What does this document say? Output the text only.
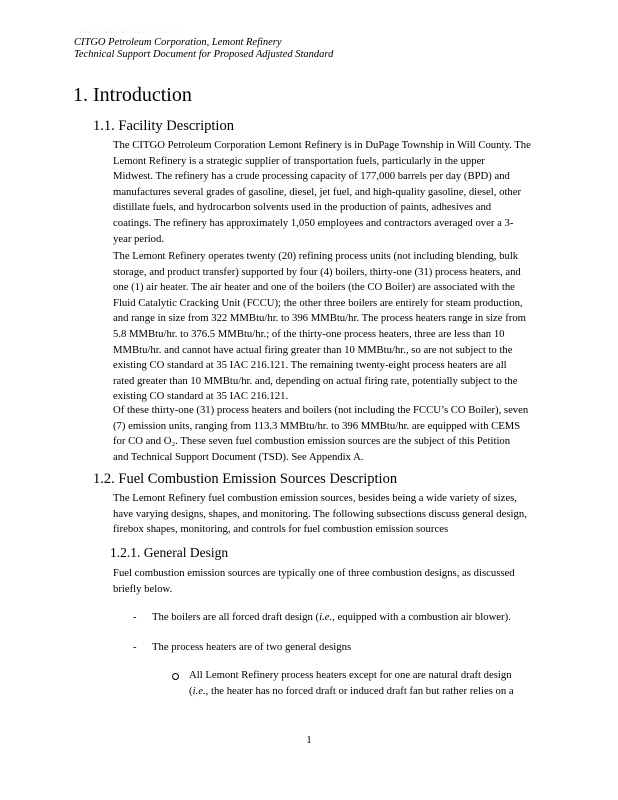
ⁿ ʷ ˢ ʳ ᵗ ʷ ᵐ ᵏ ᵗ ˡ ᵐ ʳ ᵉ ˢ ⁿ ˢ ᵗ ʳ ˡ ᵉ ˡ ᵏ ᵗ ᵗ ᵉ
CITGO Petroleum Corporation, Lemont Refinery
Technical Support Document for Proposed Adjusted Standard
1. Introduction
1.1. Facility Description

The CITGO Petroleum Corporation Lemont Refinery is in DuPage Township in Will County. The
Lemont Refinery is a strategic supplier of transportation fuels, particularly in the upper
Midwest. The refinery has a crude processing capacity of 177,000 barrels per day (BPD) and
manufactures several grades of gasoline, diesel, jet fuel, and high-quality gasoline, diesel, other
distillate fuels, and hydrocarbon solvents used in the production of paints, adhesives and
coatings. The refinery has approximately 1,050 employees and contractors averaged over a 3-
year period.

The Lemont Refinery operates twenty (20) refining process units (not including blending, bulk
storage, and product transfer) supported by four (4) boilers, thirty-one (31) process heaters, and
one (1) air heater. The air heater and one of the boilers (the CO Boiler) are associated with the
Fluid Catalytic Cracking Unit (FCCU); the other three boilers are entirely for steam production,
and range in size from 322 MMBtu/hr. to 396 MMBtu/hr. The process heaters range in size from
5.8 MMBtu/hr. to 376.5 MMBtu/hr.; of the thirty-one process heaters, three are less than 10
MMBtu/hr. and cannot have actual firing greater than 10 MMBtu/hr., so are not subject to the
existing CO standard at 35 IAC 216.121. The remaining twenty-eight process heaters are all
rated greater than 10 MMBtu/hr. and, depending on actual firing rate, potentially subject to the
existing CO standard at 35 IAC 216.121.

Of these thirty-one (31) process heaters and boilers (not including the FCCU’s CO Boiler), seven
(7) emission units, ranging from 113.3 MMBtu/hr. to 396 MMBtu/hr. are equipped with CEMS
for CO and O₂. These seven fuel combustion emission sources are the subject of this Petition
and Technical Support Document (TSD). See Appendix A.

1.2. Fuel Combustion Emission Sources Description

The Lemont Refinery fuel combustion emission sources, besides being a wide variety of sizes,
have varying designs, shapes, and monitoring. The following subsections discuss general design,
firebox shapes, monitoring, and controls for fuel combustion emission sources

1.2.1. General Design

Fuel combustion emission sources are typically one of three combustion designs, as discussed
briefly below.

- The boilers are all forced draft design (i.e., equipped with a combustion air blower).
- The process heaters are of two general designs
All Lemont Refinery process heaters except for one are natural draft design
(i.e., the heater has no forced draft or induced draft fan but rather relies on a
1
